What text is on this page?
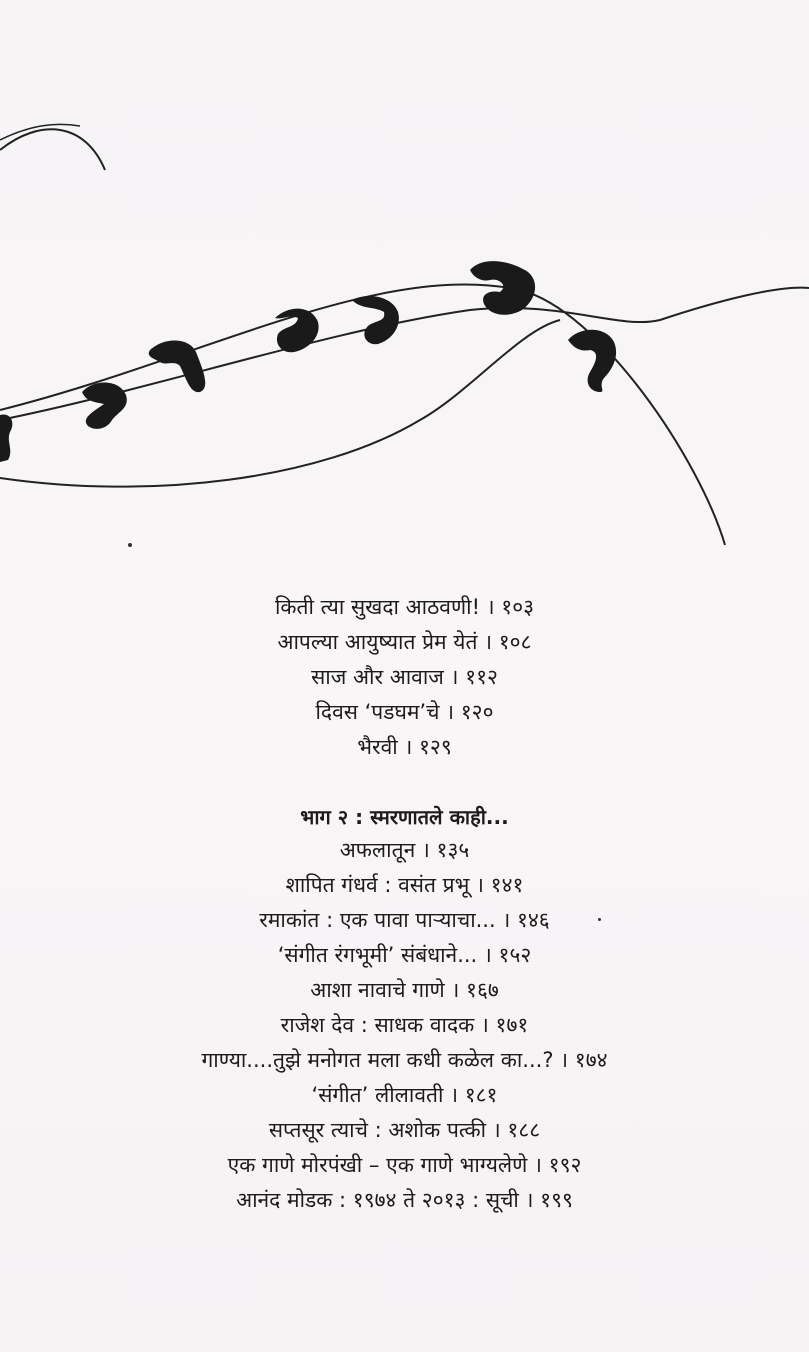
किती त्या सुखदा आठवणी! । १०३
आपल्या आयुष्यात प्रेम येतं । १०८
साज और आवाज । ११२
दिवस ‘पडघम’चे । १२०
भैरवी । १२९
भाग २ : स्मरणातले काही...
अफलातून । १३५
शापित गंधर्व : वसंत प्रभू । १४१
रमाकांत : एक पावा पाऱ्याचा... । १४६
‘संगीत रंगभूमी’ संबंधाने... । १५२
आशा नावाचे गाणे । १६७
राजेश देव : साधक वादक । १७१
गाण्या....तुझे मनोगत मला कधी कळेल का...? । १७४
‘संगीत’ लीलावती । १८१
सप्तसूर त्याचे : अशोक पत्की । १८८
एक गाणे मोरपंखी – एक गाणे भाग्यलेणे । १९२
आनंद मोडक : १९७४ ते २०१३ : सूची । १९९
